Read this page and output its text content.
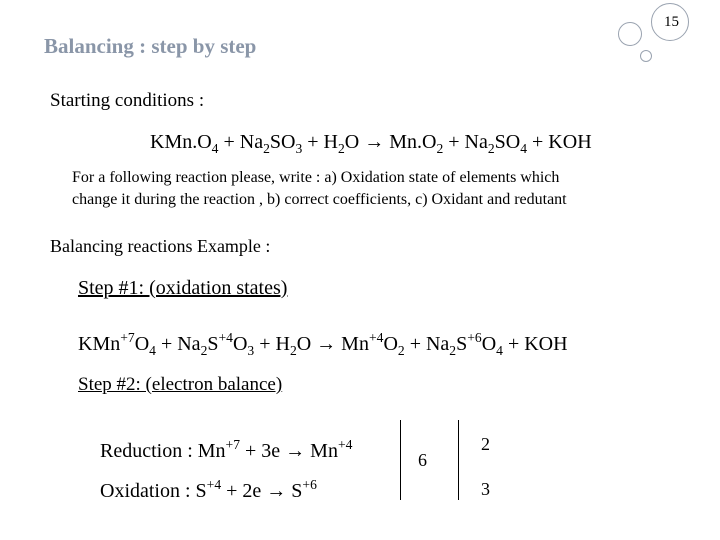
15
Balancing : step by step
Starting conditions :
$KMn.O_4 + Na_2SO_3 + H_2O \to Mn.O_2 + Na_2SO_4$ + KOH
For a following reaction please, write : a) Oxidation state of elements which
change it during the reaction , b) correct coefficients, c) Oxidant and redutant
Balancing reactions Example :
Step #1: (oxidation states)
$KMn^{+7}O_4 + Na_2S^{+4}O_3 + H_2O \to Mn^{+4}O_2 + Na_2S^{+6}O_4$ + KOH
Step #2: (electron balance)
Reduction : $Mn^{+7} + 3e \to Mn^{+4}$
Oxidation : $S^{+4} + 2e \to S^{+6}$
6
2
3
